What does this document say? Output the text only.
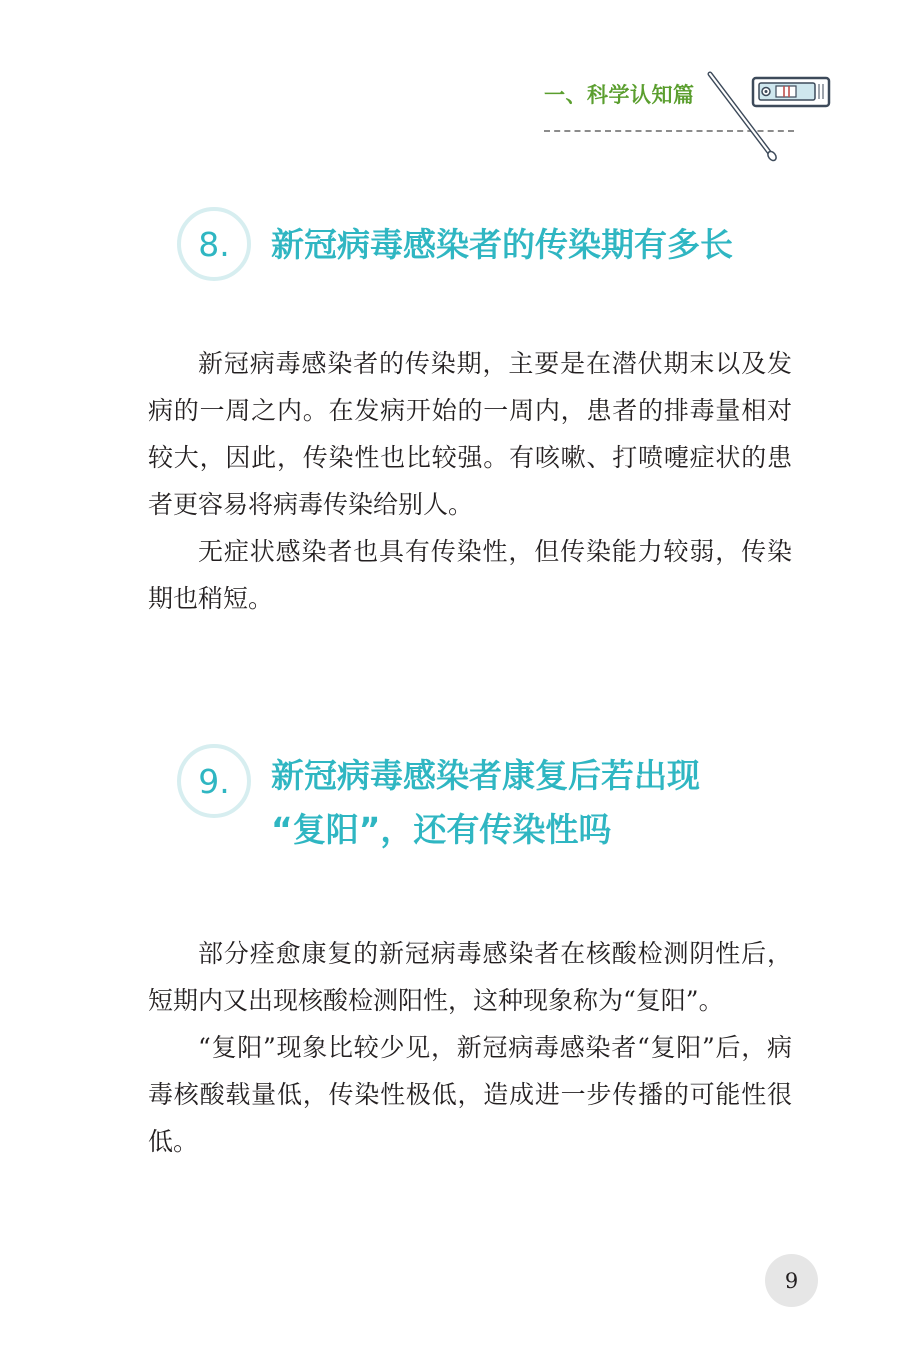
一、科学认知篇
8.	新冠病毒感染者的传染期有多长

新冠病毒感染者的传染期，主要是在潜伏期末以及发病的一周之内。在发病开始的一周内，患者的排毒量相对较大，因此，传染性也比较强。有咳嗽、打喷嚏症状的患者更容易将病毒传染给别人。

无症状感染者也具有传染性，但传染能力较弱，传染期也稍短。

9.	新冠病毒感染者康复后若出现
“复阳”，还有传染性吗

部分痊愈康复的新冠病毒感染者在核酸检测阴性后，短期内又出现核酸检测阳性，这种现象称为“复阳”。

“复阳”现象比较少见，新冠病毒感染者“复阳”后，病毒核酸载量低，传染性极低，造成进一步传播的可能性很低。

9
